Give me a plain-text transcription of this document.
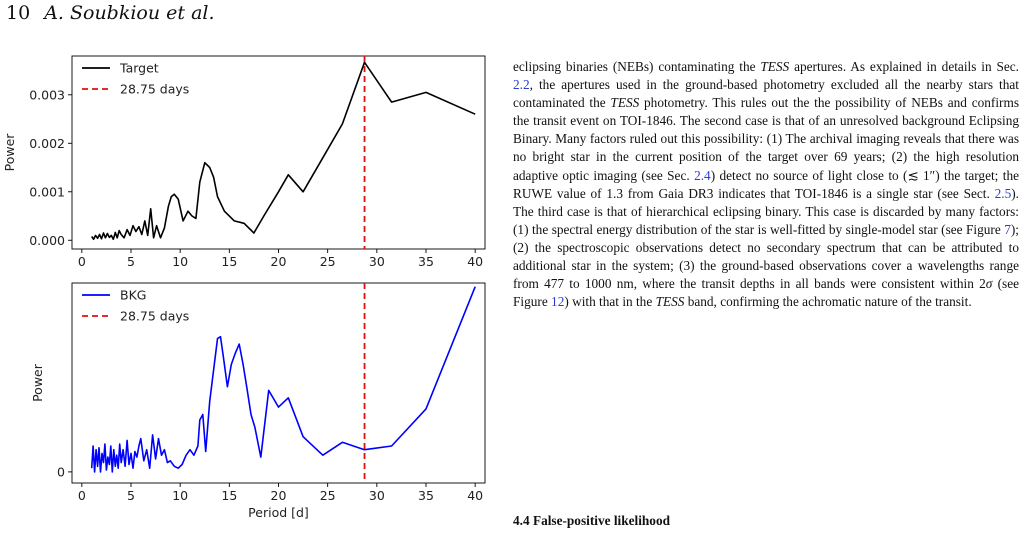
10 A. Soubkiou et al.
0	5	10	15	20	25	30	35	40
0.000
0.001
0.002
0.003
Power
Target
28.75 days
0	5	10	15	20	25	30	35	40
0
Power
Period [d]
BKG
28.75 days
eclipsing binaries (NEBs) contaminating the TESS apertures. As explained in details in Sec. 2.2, the apertures used in the ground-based photometry excluded all the nearby stars that contaminated the TESS photometry. This rules out the the possibility of NEBs and confirms the transit event on TOI-1846. The second case is that of an unresolved background Eclipsing Binary. Many factors ruled out this possibility: (1) The archival imaging reveals that there was no bright star in the current position of the target over 69 years; (2) the high resolution adaptive optic imaging (see Sec. 2.4) detect no source of light close to (≲ 1″) the target; the RUWE value of 1.3 from Gaia DR3 indicates that TOI-1846 is a single star (see Sect. 2.5). The third case is that of hierarchical eclipsing binary. This case is discarded by many factors: (1) the spectral energy distribution of the star is well-fitted by single-model star (see Figure 7); (2) the spectroscopic observations detect no secondary spectrum that can be attributed to additional star in the system; (3) the ground-based observations cover a wavelengths range from 477 to 1000 nm, where the transit depths in all bands were consistent within 2σ (see Figure 12) with that in the TESS band, confirming the achromatic nature of the transit.
4.4 False-positive likelihood
